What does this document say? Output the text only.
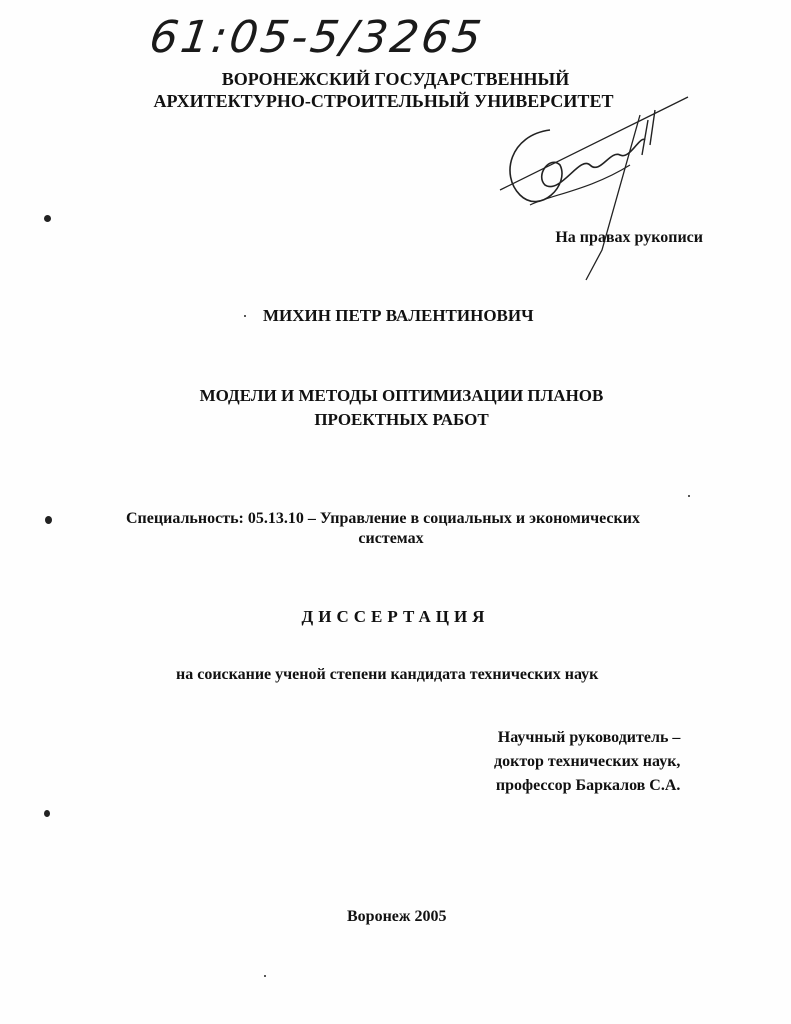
61:05-5/3265
ВОРОНЕЖСКИЙ ГОСУДАРСТВЕННЫЙ
АРХИТЕКТУРНО-СТРОИТЕЛЬНЫЙ УНИВЕРСИТЕТ
На правах рукописи
МИХИН ПЕТР ВАЛЕНТИНОВИЧ
МОДЕЛИ И МЕТОДЫ ОПТИМИЗАЦИИ ПЛАНОВ
ПРОЕКТНЫХ РАБОТ
Специальность: 05.13.10 – Управление в социальных и экономических
системах
ДИССЕРТАЦИЯ
на соискание ученой степени кандидата технических наук
Научный руководитель –
доктор технических наук,
профессор Баркалов С.А.
Воронеж 2005
